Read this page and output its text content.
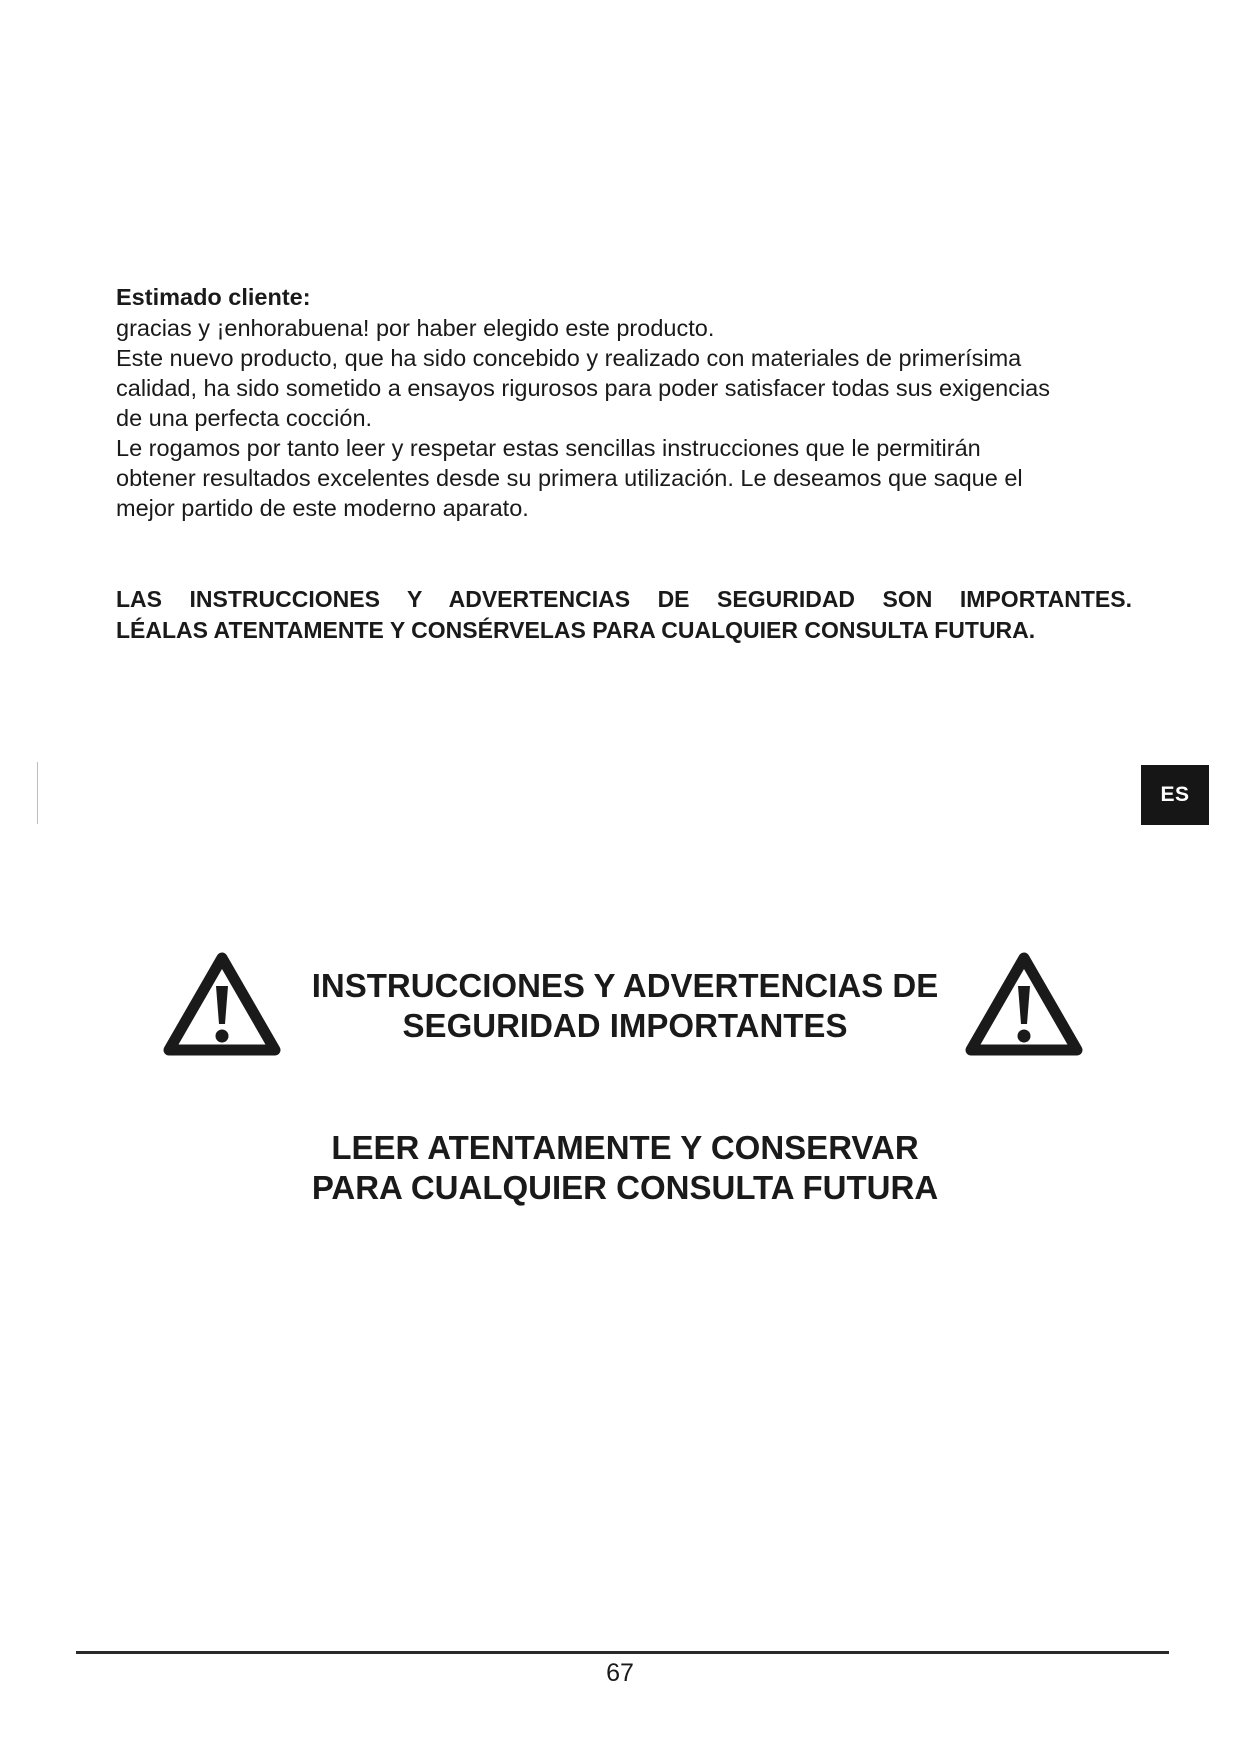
Estimado cliente:

gracias y ¡enhorabuena! por haber elegido este producto.

Este nuevo producto, que ha sido concebido y realizado con materiales de primerísima

calidad, ha sido sometido a ensayos rigurosos para poder satisfacer todas sus exigencias

de una perfecta cocción.

Le rogamos por tanto leer y respetar estas sencillas instrucciones que le permitirán

obtener resultados excelentes desde su primera utilización. Le deseamos que saque el

mejor partido de este moderno aparato.

LAS INSTRUCCIONES Y ADVERTENCIAS DE SEGURIDAD SON IMPORTANTES.
LÉALAS ATENTAMENTE Y CONSÉRVELAS PARA CUALQUIER CONSULTA FUTURA.
ES
INSTRUCCIONES Y ADVERTENCIAS DE
SEGURIDAD IMPORTANTES
LEER ATENTAMENTE Y CONSERVAR
PARA CUALQUIER CONSULTA FUTURA
67
